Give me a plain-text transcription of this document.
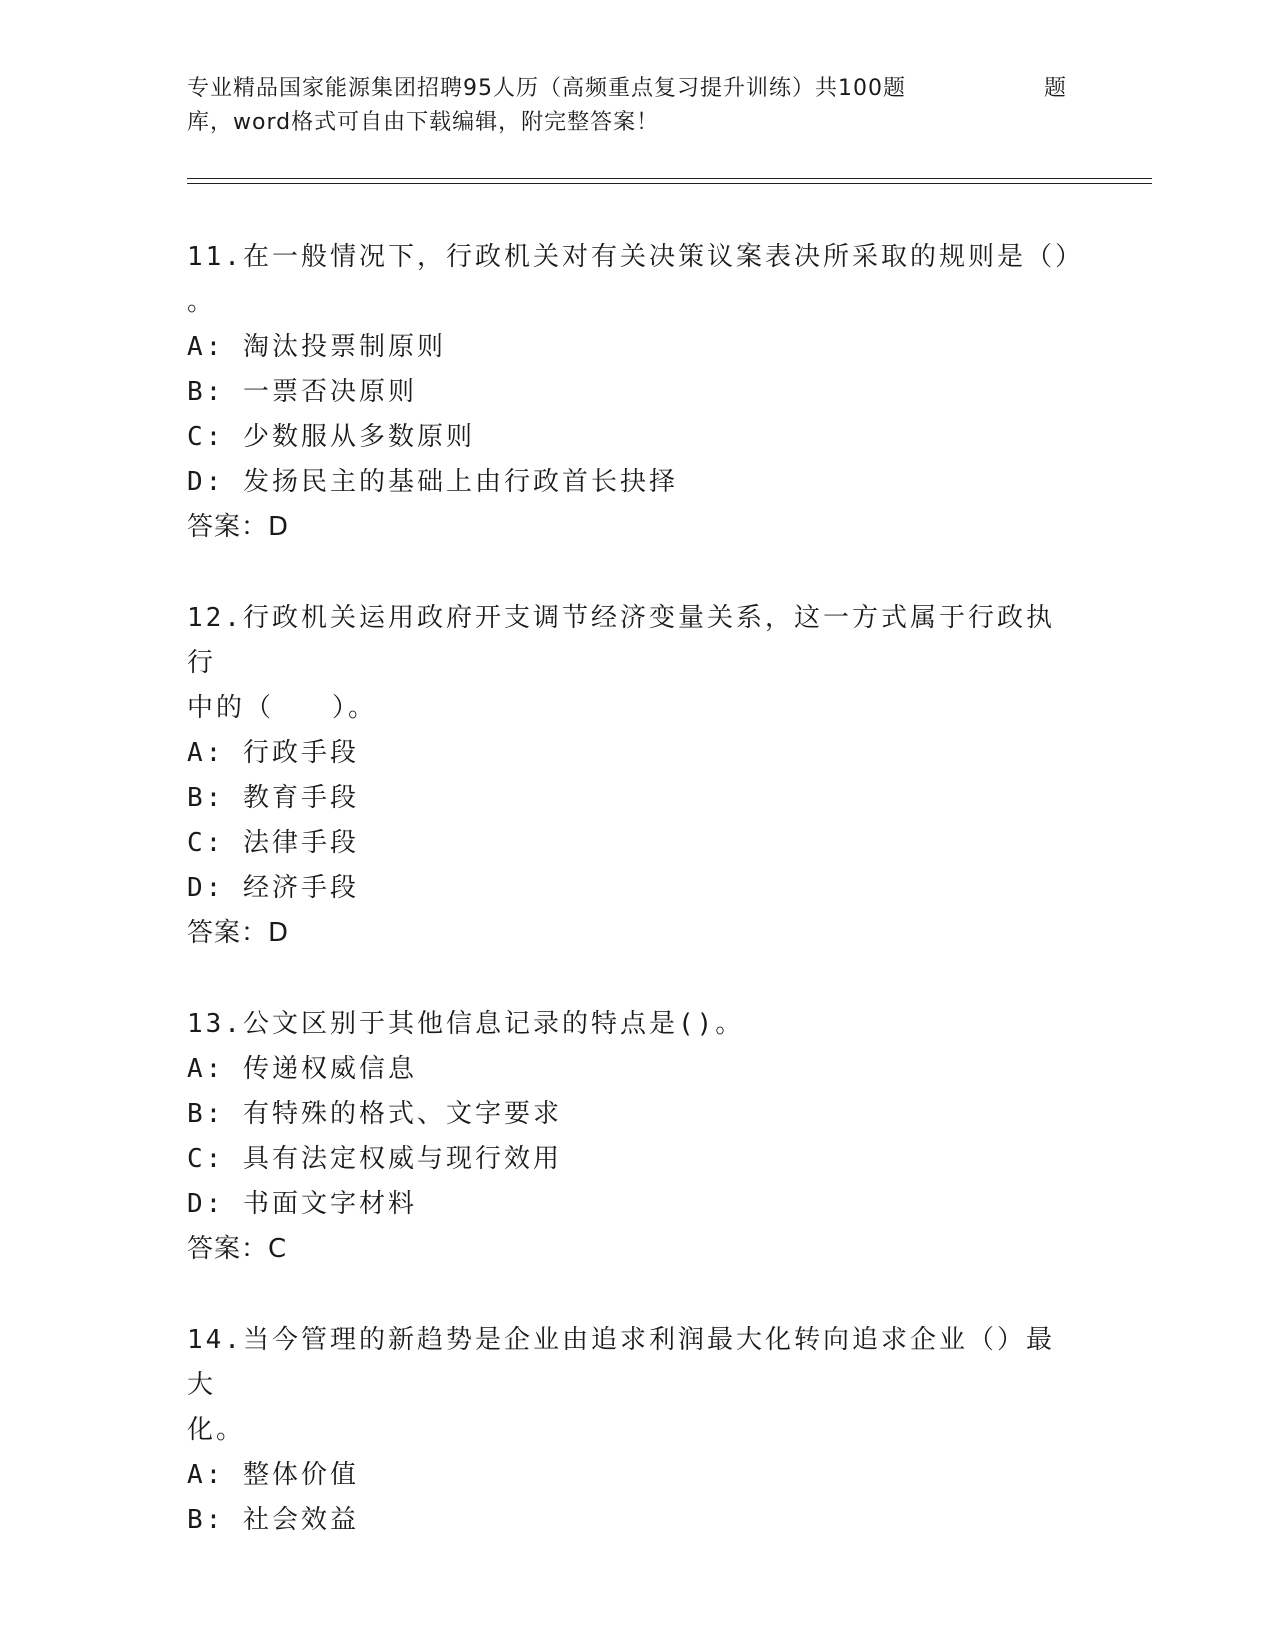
专业精品国家能源集团招聘95人历（高频重点复习提升训练）共100题	题
库，word格式可自由下载编辑，附完整答案！
11.在一般情况下，行政机关对有关决策议案表决所采取的规则是（）
。
A: 淘汰投票制原则
B: 一票否决原则
C: 少数服从多数原则
D: 发扬民主的基础上由行政首长抉择
答案：D
12.行政机关运用政府开支调节经济变量关系，这一方式属于行政执行
中的（　　）。
A: 行政手段
B: 教育手段
C: 法律手段
D: 经济手段
答案：D
13.公文区别于其他信息记录的特点是()。
A: 传递权威信息
B: 有特殊的格式、文字要求
C: 具有法定权威与现行效用
D: 书面文字材料
答案：C
14.当今管理的新趋势是企业由追求利润最大化转向追求企业（）最大
化。
A: 整体价值
B: 社会效益
